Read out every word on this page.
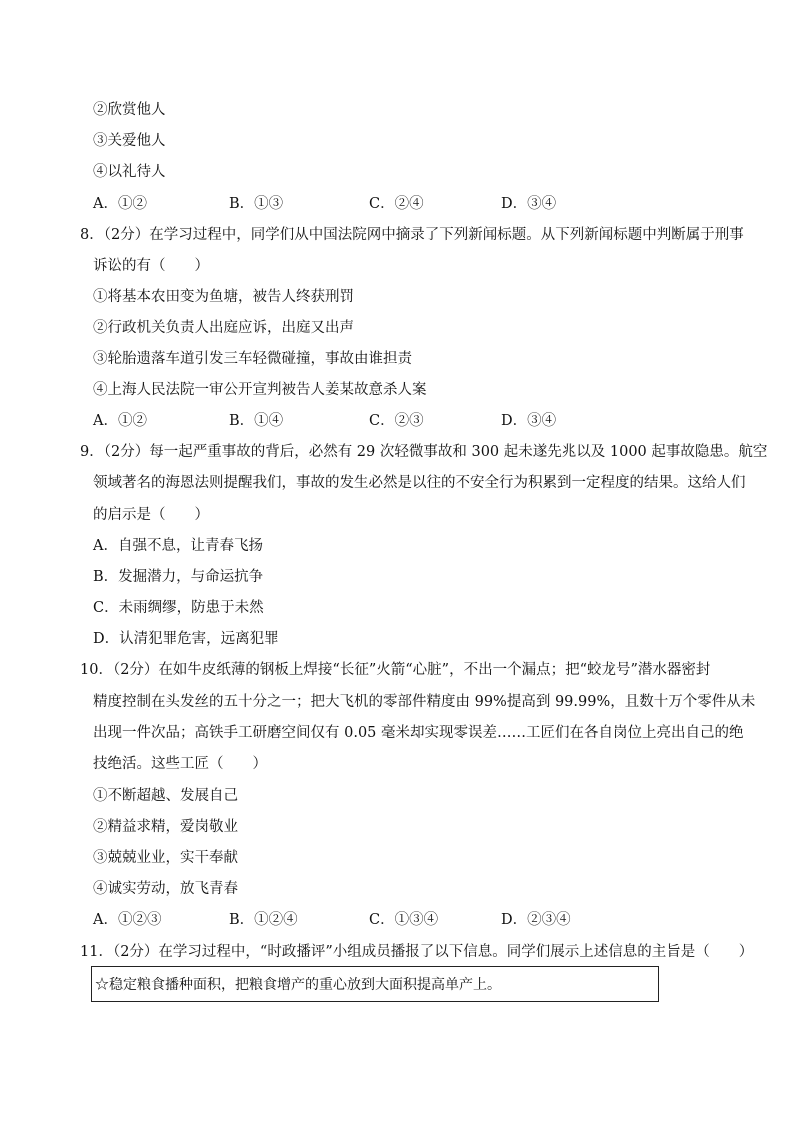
②欣赏他人
③关爱他人
④以礼待人
A．①②	B．①③	C．②④	D．③④
8．（2分）在学习过程中，同学们从中国法院网中摘录了下列新闻标题。从下列新闻标题中判断属于刑事
诉讼的有（　　）
①将基本农田变为鱼塘，被告人终获刑罚
②行政机关负责人出庭应诉，出庭又出声
③轮胎遗落车道引发三车轻微碰撞，事故由谁担责
④上海人民法院一审公开宣判被告人姜某故意杀人案
A．①②	B．①④	C．②③	D．③④
9．（2分）每一起严重事故的背后，必然有 29 次轻微事故和 300 起未遂先兆以及 1000 起事故隐患。航空
领域著名的海恩法则提醒我们，事故的发生必然是以往的不安全行为积累到一定程度的结果。这给人们
的启示是（　　）
A．自强不息，让青春飞扬
B．发掘潜力，与命运抗争
C．未雨绸缪，防患于未然
D．认清犯罪危害，远离犯罪
10．（2分）在如牛皮纸薄的钢板上焊接“长征”火箭“心脏”，不出一个漏点；把“蛟龙号”潜水器密封
精度控制在头发丝的五十分之一；把大飞机的零部件精度由 99%提高到 99.99%，且数十万个零件从未
出现一件次品；高铁手工研磨空间仅有 0.05 毫米却实现零误差……工匠们在各自岗位上亮出自己的绝
技绝活。这些工匠（　　）
①不断超越、发展自己
②精益求精，爱岗敬业
③兢兢业业，实干奉献
④诚实劳动，放飞青春
A．①②③	B．①②④	C．①③④	D．②③④
11．（2分）在学习过程中，“时政播评”小组成员播报了以下信息。同学们展示上述信息的主旨是（　　）
☆稳定粮食播种面积，把粮食增产的重心放到大面积提高单产上。
